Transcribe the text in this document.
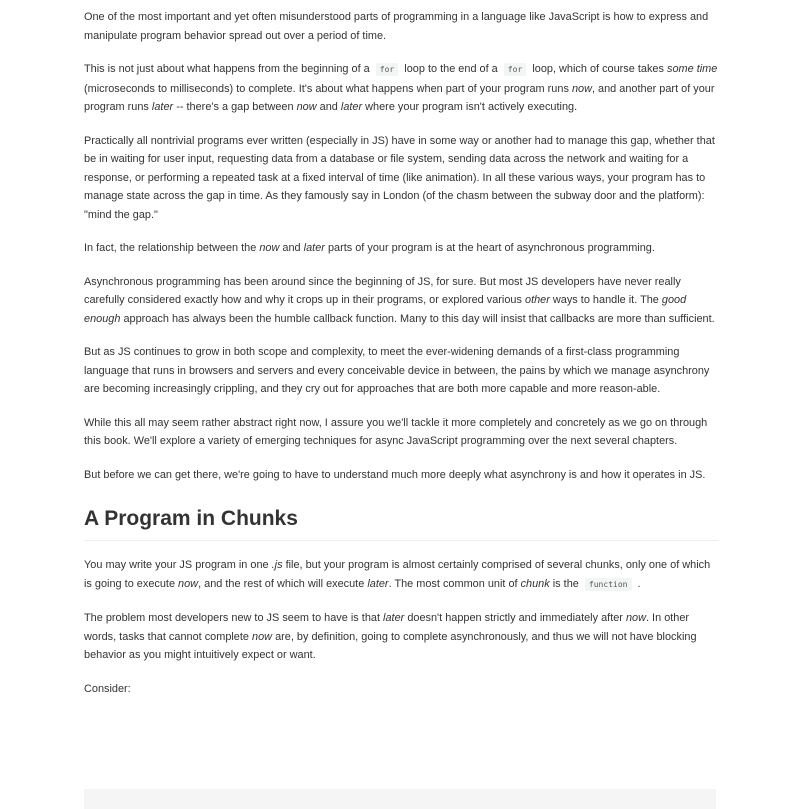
One of the most important and yet often misunderstood parts of programming in a language like JavaScript is how to express and manipulate program behavior spread out over a period of time.

This is not just about what happens from the beginning of a for loop to the end of a for loop, which of course takes some time (microseconds to milliseconds) to complete. It's about what happens when part of your program runs now, and another part of your program runs later -- there's a gap between now and later where your program isn't actively executing.

Practically all nontrivial programs ever written (especially in JS) have in some way or another had to manage this gap, whether that be in waiting for user input, requesting data from a database or file system, sending data across the network and waiting for a response, or performing a repeated task at a fixed interval of time (like animation). In all these various ways, your program has to manage state across the gap in time. As they famously say in London (of the chasm between the subway door and the platform): "mind the gap."

In fact, the relationship between the now and later parts of your program is at the heart of asynchronous programming.

Asynchronous programming has been around since the beginning of JS, for sure. But most JS developers have never really carefully considered exactly how and why it crops up in their programs, or explored various other ways to handle it. The good enough approach has always been the humble callback function. Many to this day will insist that callbacks are more than sufficient.

But as JS continues to grow in both scope and complexity, to meet the ever-widening demands of a first-class programming language that runs in browsers and servers and every conceivable device in between, the pains by which we manage asynchrony are becoming increasingly crippling, and they cry out for approaches that are both more capable and more reason-able.

While this all may seem rather abstract right now, I assure you we'll tackle it more completely and concretely as we go on through this book. We'll explore a variety of emerging techniques for async JavaScript programming over the next several chapters.

But before we can get there, we're going to have to understand much more deeply what asynchrony is and how it operates in JS.

A Program in Chunks

You may write your JS program in one .js file, but your program is almost certainly comprised of several chunks, only one of which is going to execute now, and the rest of which will execute later. The most common unit of chunk is the function .

The problem most developers new to JS seem to have is that later doesn't happen strictly and immediately after now. In other words, tasks that cannot complete now are, by definition, going to complete asynchronously, and thus we will not have blocking behavior as you might intuitively expect or want.

Consider:
